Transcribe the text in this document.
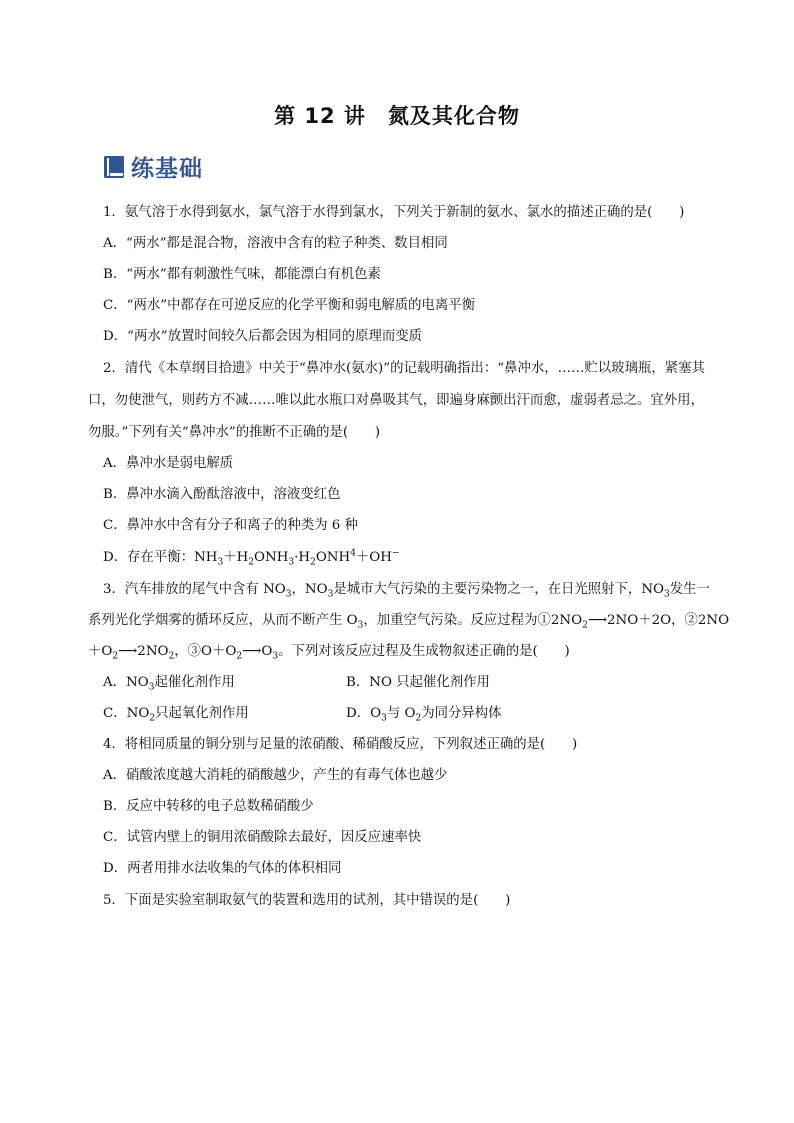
第 12 讲　氮及其化合物
练基础
1．氨气溶于水得到氨水，氯气溶于水得到氯水，下列关于新制的氨水、氯水的描述正确的是(　　)
A．“两水”都是混合物，溶液中含有的粒子种类、数目相同
B．“两水”都有刺激性气味，都能漂白有机色素
C．“两水”中都存在可逆反应的化学平衡和弱电解质的电离平衡
D．“两水”放置时间较久后都会因为相同的原理而变质
2．清代《本草纲目拾遗》中关于“鼻冲水(氨水)”的记载明确指出：“鼻冲水，……贮以玻璃瓶，紧塞其
口，勿使泄气，则药方不减……唯以此水瓶口对鼻吸其气，即遍身麻颤出汗而愈，虚弱者忌之。宜外用，
勿服。”下列有关“鼻冲水”的推断不正确的是(　　)
A．鼻冲水是弱电解质
B．鼻冲水滴入酚酞溶液中，溶液变红色
C．鼻冲水中含有分子和离子的种类为 6 种
D．存在平衡：$NH_3+H_2ONH_3\cdot H_2ONH^4+OH^-$
3．汽车排放的尾气中含有 $NO_3$，$NO_3$是城市大气污染的主要污染物之一，在日光照射下，$NO_3$发生一
系列光化学烟雾的循环反应，从而不断产生 $O_3$，加重空气污染。反应过程为$①2NO_2⟶2NO+2O$，②2NO
$+O_2⟶2NO_2$，$③O+O_2⟶O_3$。下列对该反应过程及生成物叙述正确的是(　　)
A．$NO_3$起催化剂作用	B．NO 只起催化剂作用
C．$NO_2$只起氧化剂作用	D．$O_3$与 $O_2$为同分异构体
4．将相同质量的铜分别与足量的浓硝酸、稀硝酸反应，下列叙述正确的是(　　)
A．硝酸浓度越大消耗的硝酸越少，产生的有毒气体也越少
B．反应中转移的电子总数稀硝酸少
C．试管内壁上的铜用浓硝酸除去最好，因反应速率快
D．两者用排水法收集的气体的体积相同
5．下面是实验室制取氨气的装置和选用的试剂，其中错误的是(　　)
